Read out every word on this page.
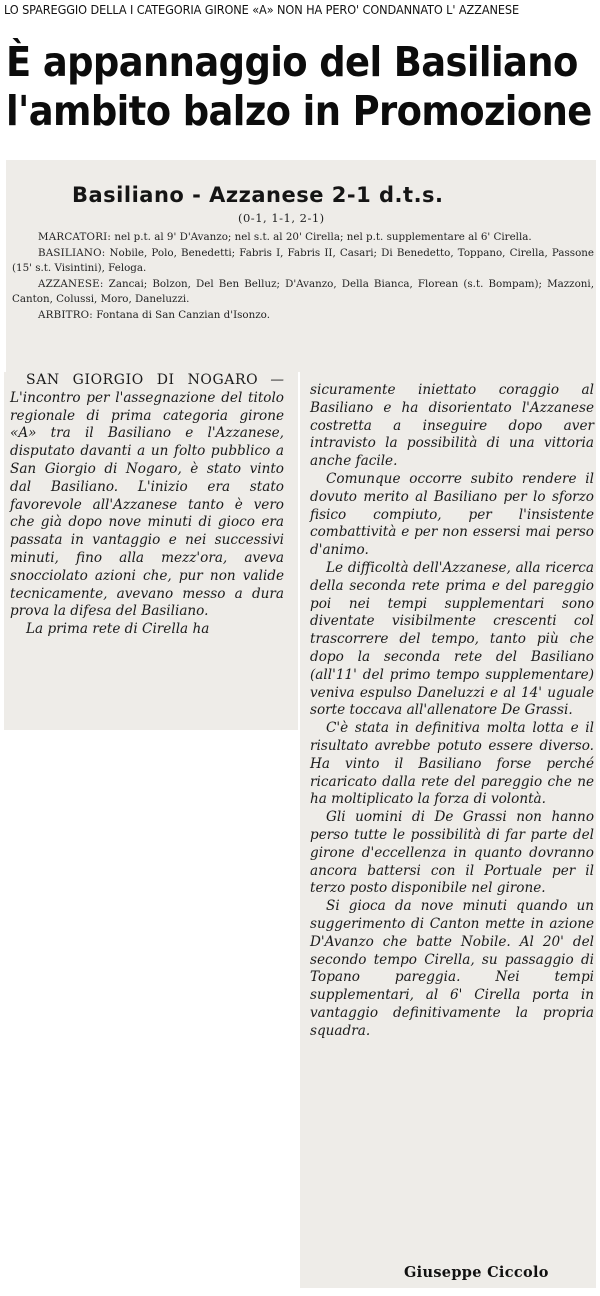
LO SPAREGGIO DELLA I CATEGORIA GIRONE «A» NON HA PERO' CONDANNATO L' AZZANESE
È appannaggio del Basiliano
l'ambito balzo in Promozione
Basiliano - Azzanese 2-1 d.t.s.
(0-1, 1-1, 2-1)

MARCATORI: nel p.t. al 9' D'Avanzo; nel s.t. al 20' Cirella; nel p.t. supplementare al 6' Cirella.

BASILIANO: Nobile, Polo, Benedetti; Fabris I, Fabris II, Casari; Di Benedetto, Toppano, Cirella, Passone (15' s.t. Visintini), Feloga.

AZZANESE: Zancai; Bolzon, Del Ben Belluz; D'Avanzo, Della Bianca, Florean (s.t. Bompam); Mazzoni, Canton, Colussi, Moro, Daneluzzi.

ARBITRO: Fontana di San Canzian d'Isonzo.

SAN GIORGIO DI NOGARO — L'incontro per l'assegnazione del titolo regionale di prima categoria girone «A» tra il Basiliano e l'Azzanese, disputato davanti a un folto pubblico a San Giorgio di Nogaro, è stato vinto dal Basiliano. L'inizio era stato favorevole all'Azzanese tanto è vero che già dopo nove minuti di gioco era passata in vantaggio e nei successivi minuti, fino alla mezz'ora, aveva snocciolato azioni che, pur non valide tecnicamente, avevano messo a dura prova la difesa del Basiliano.

La prima rete di Cirella ha

sicuramente iniettato coraggio al Basiliano e ha disorientato l'Azzanese costretta a inseguire dopo aver intravisto la possibilità di una vittoria anche facile.

Comunque occorre subito rendere il dovuto merito al Basiliano per lo sforzo fisico compiuto, per l'insistente combattività e per non essersi mai perso d'animo.

Le difficoltà dell'Azzanese, alla ricerca della seconda rete prima e del pareggio poi nei tempi supplementari sono diventate visibilmente crescenti col trascorrere del tempo, tanto più che dopo la seconda rete del Basiliano (all'11' del primo tempo supplementare) veniva espulso Daneluzzi e al 14' uguale sorte toccava all'allenatore De Grassi.

C'è stata in definitiva molta lotta e il risultato avrebbe potuto essere diverso. Ha vinto il Basiliano forse perché ricaricato dalla rete del pareggio che ne ha moltiplicato la forza di volontà.

Gli uomini di De Grassi non hanno perso tutte le possibilità di far parte del girone d'eccellenza in quanto dovranno ancora battersi con il Portuale per il terzo posto disponibile nel girone.

Si gioca da nove minuti quando un suggerimento di Canton mette in azione D'Avanzo che batte Nobile. Al 20' del secondo tempo Cirella, su passaggio di Topano pareggia. Nei tempi supplementari, al 6' Cirella porta in vantaggio definitivamente la propria squadra.

Giuseppe Ciccolo
